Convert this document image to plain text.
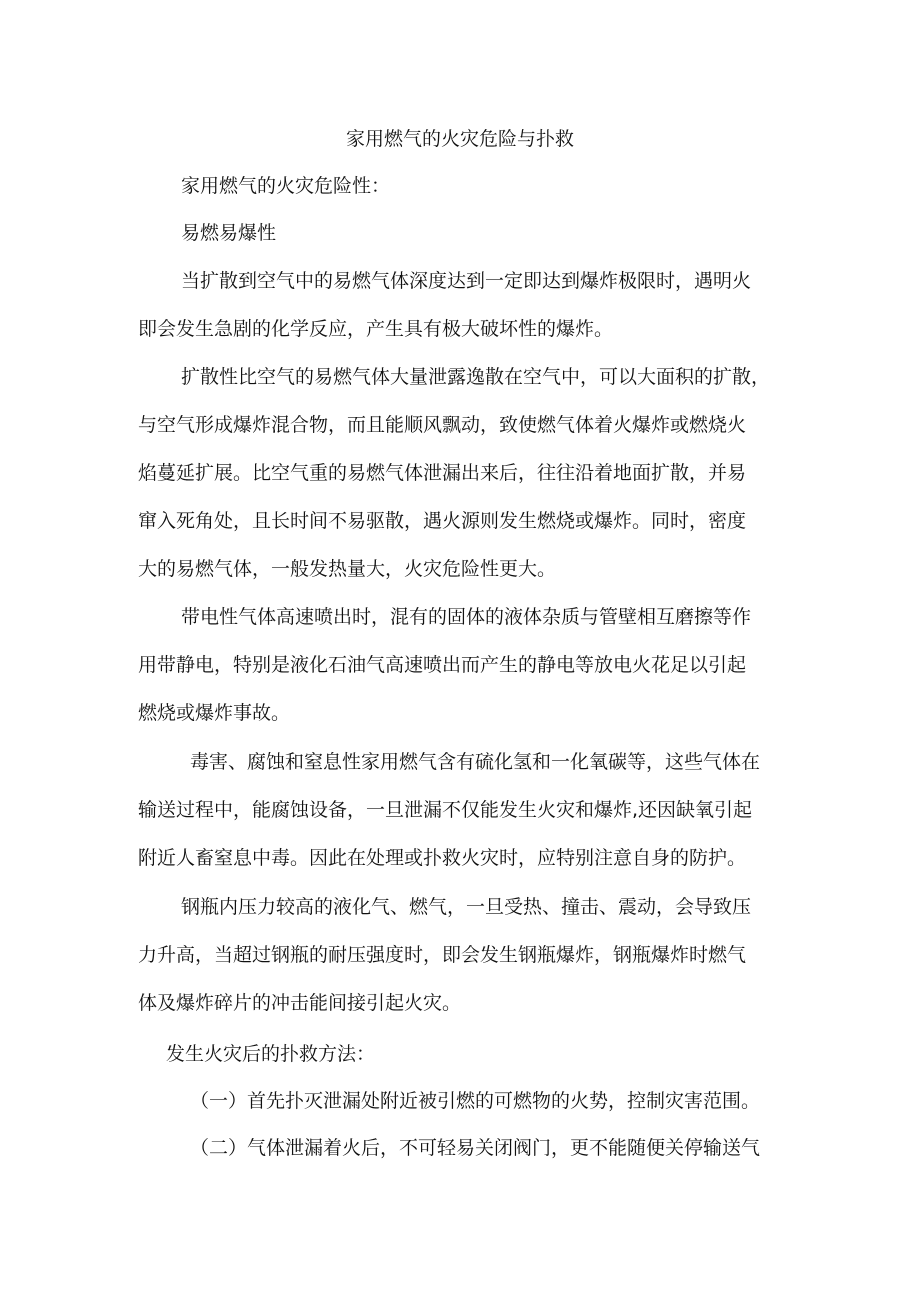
家用燃气的火灾危险与扑救
家用燃气的火灾危险性：
易燃易爆性
当扩散到空气中的易燃气体深度达到一定即达到爆炸极限时，遇明火
即会发生急剧的化学反应，产生具有极大破坏性的爆炸。
扩散性比空气的易燃气体大量泄露逸散在空气中，可以大面积的扩散，
与空气形成爆炸混合物，而且能顺风飘动，致使燃气体着火爆炸或燃烧火
焰蔓延扩展。比空气重的易燃气体泄漏出来后，往往沿着地面扩散，并易
窜入死角处，且长时间不易驱散，遇火源则发生燃烧或爆炸。同时，密度
大的易燃气体，一般发热量大，火灾危险性更大。
带电性气体高速喷出时，混有的固体的液体杂质与管壁相互磨擦等作
用带静电，特别是液化石油气高速喷出而产生的静电等放电火花足以引起
燃烧或爆炸事故。
毒害、腐蚀和窒息性家用燃气含有硫化氢和一化氧碳等，这些气体在
输送过程中，能腐蚀设备，一旦泄漏不仅能发生火灾和爆炸,还因缺氧引起
附近人畜窒息中毒。因此在处理或扑救火灾时，应特别注意自身的防护。
钢瓶内压力较高的液化气、燃气，一旦受热、撞击、震动，会导致压
力升高，当超过钢瓶的耐压强度时，即会发生钢瓶爆炸，钢瓶爆炸时燃气
体及爆炸碎片的冲击能间接引起火灾。
发生火灾后的扑救方法：
（一）首先扑灭泄漏处附近被引燃的可燃物的火势，控制灾害范围。
（二）气体泄漏着火后，不可轻易关闭阀门，更不能随便关停输送气
